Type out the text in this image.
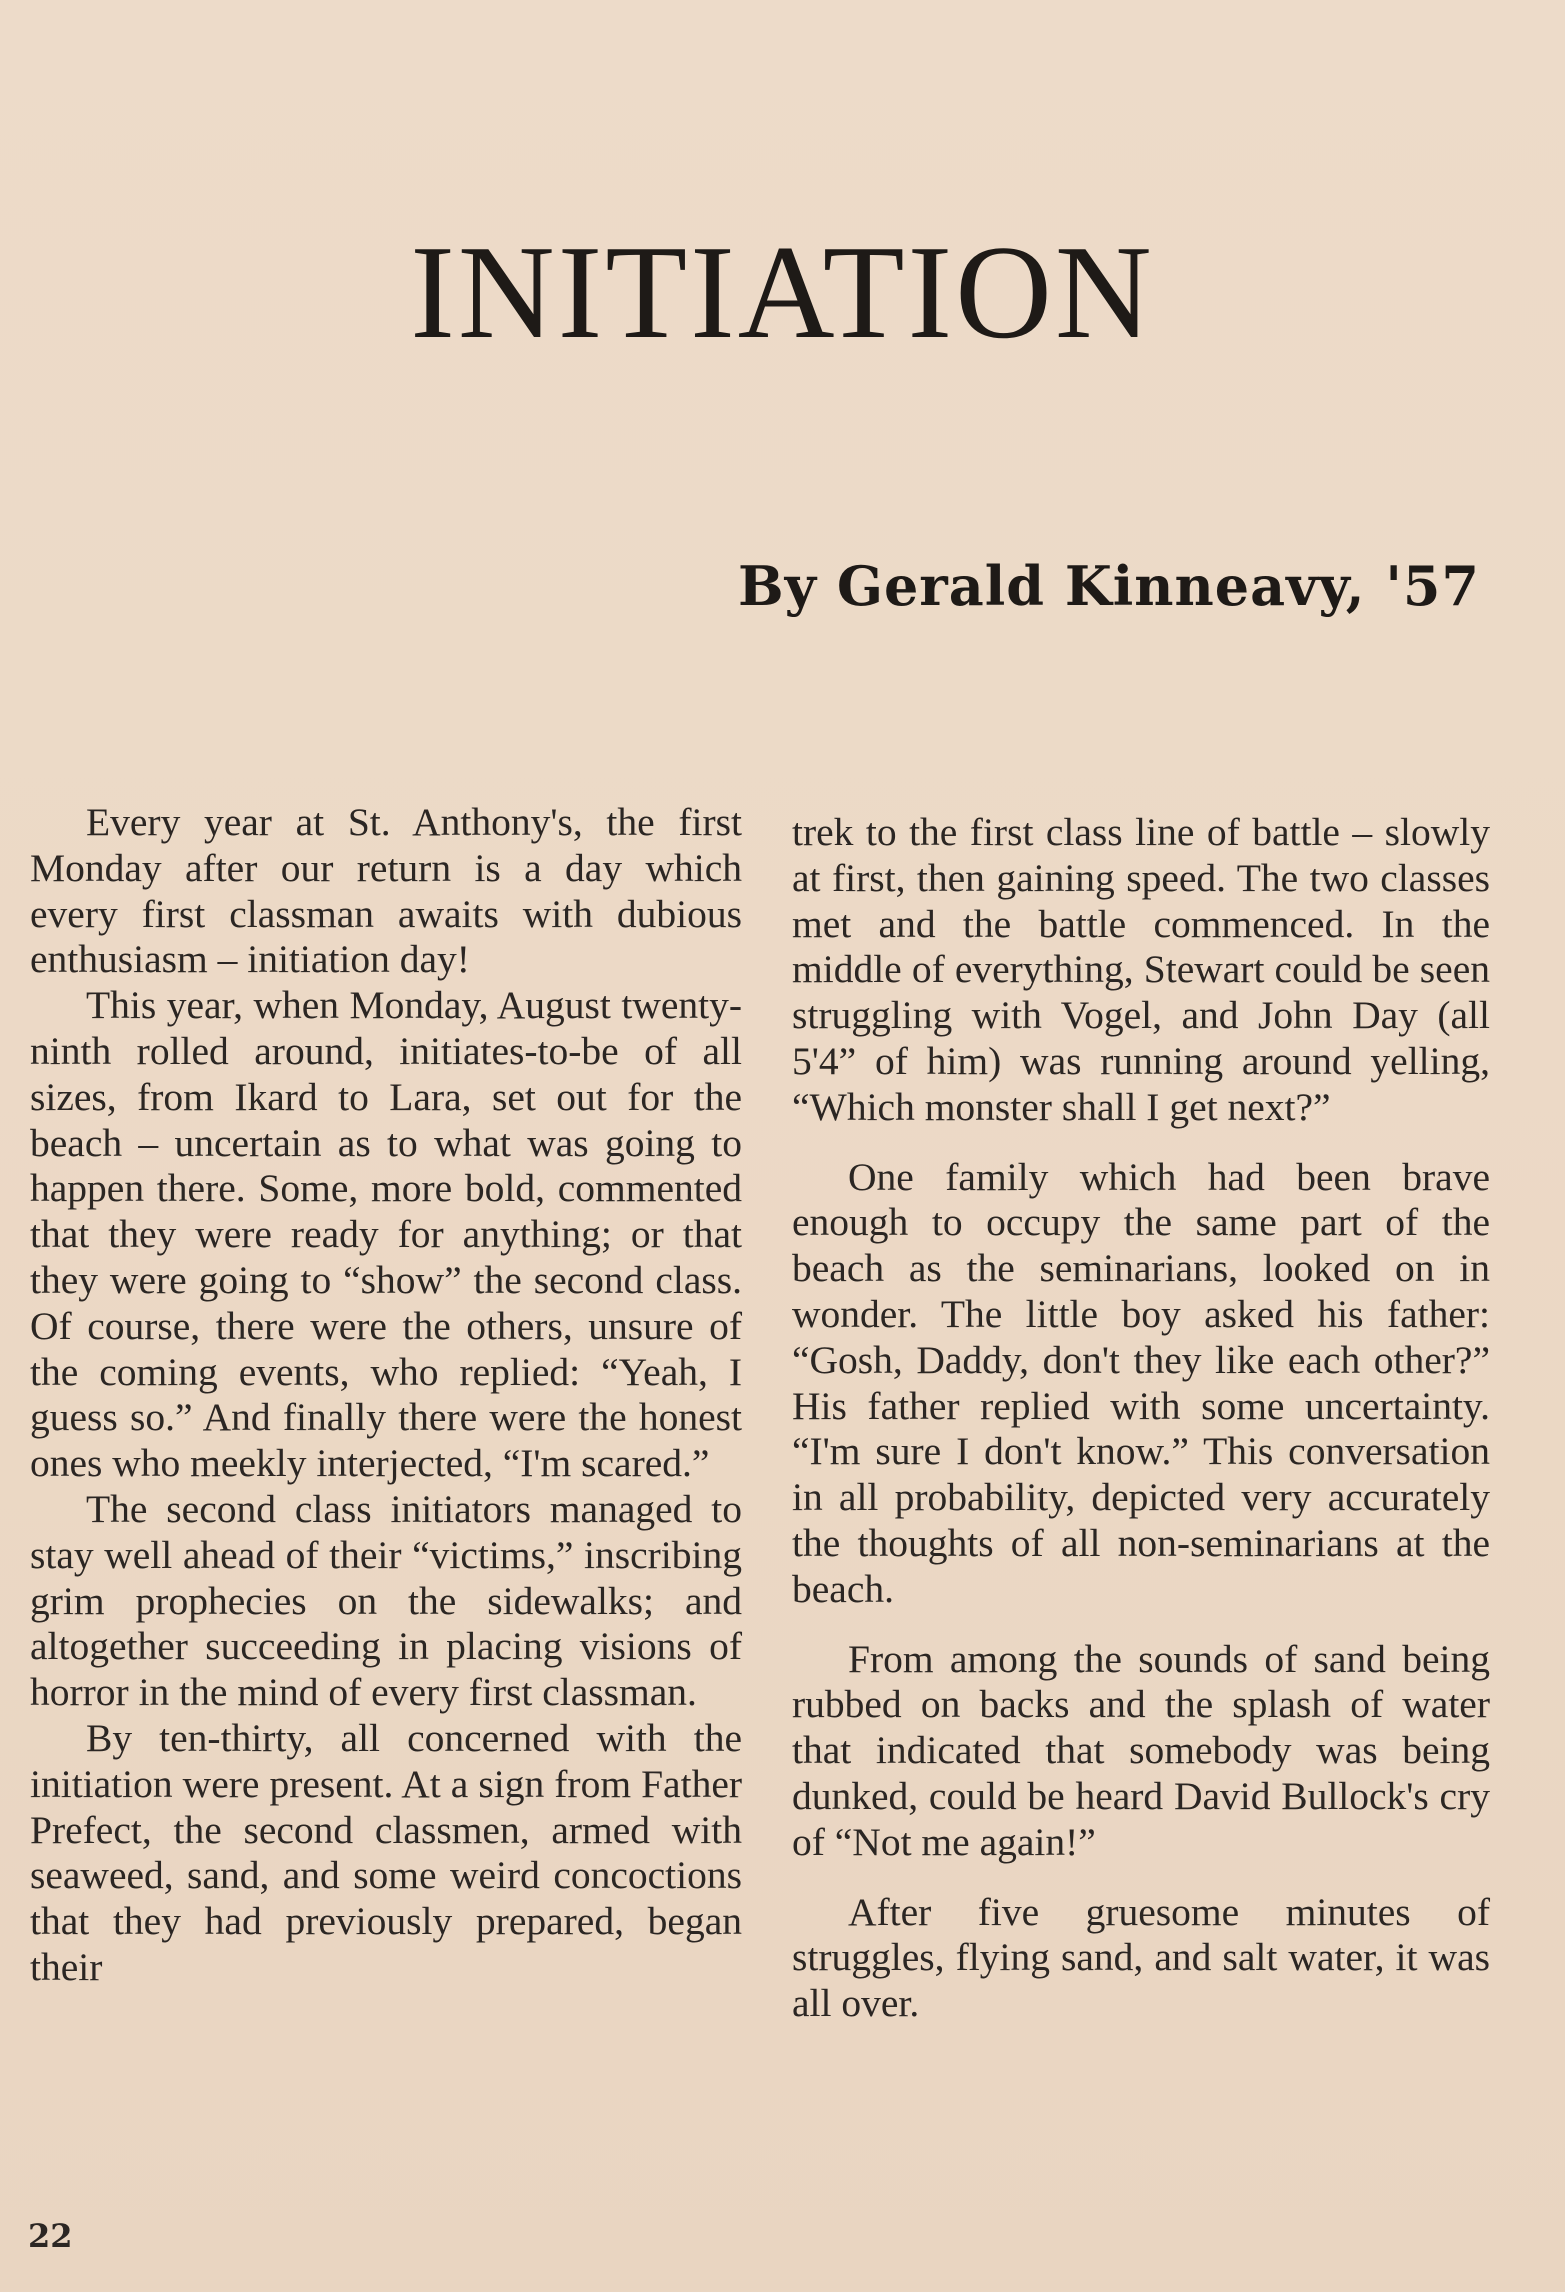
INITIATION
By Gerald Kinneavy, '57

Every year at St. Anthony's, the first Monday after our return is a day which every first classman awaits with dubious enthusiasm – initiation day!

This year, when Monday, August twenty-ninth rolled around, initiates-to-be of all sizes, from Ikard to Lara, set out for the beach – uncertain as to what was going to happen there. Some, more bold, commented that they were ready for anything; or that they were going to “show” the second class. Of course, there were the others, unsure of the coming events, who replied: “Yeah, I guess so.” And finally there were the honest ones who meekly interjected, “I'm scared.”

The second class initiators managed to stay well ahead of their “victims,” inscribing grim prophecies on the sidewalks; and altogether succeeding in placing visions of horror in the mind of every first classman.

By ten-thirty, all concerned with the initiation were present. At a sign from Father Prefect, the second classmen, armed with seaweed, sand, and some weird concoctions that they had previously prepared, began their

trek to the first class line of battle – slowly at first, then gaining speed. The two classes met and the battle commenced. In the middle of everything, Stewart could be seen struggling with Vogel, and John Day (all 5'4” of him) was running around yelling, “Which monster shall I get next?”

One family which had been brave enough to occupy the same part of the beach as the seminarians, looked on in wonder. The little boy asked his father: “Gosh, Daddy, don't they like each other?” His father replied with some uncertainty. “I'm sure I don't know.” This conversation in all probability, depicted very accurately the thoughts of all non-seminarians at the beach.

From among the sounds of sand being rubbed on backs and the splash of water that indicated that somebody was being dunked, could be heard David Bullock's cry of “Not me again!”

After five gruesome minutes of struggles, flying sand, and salt water, it was all over.

22
